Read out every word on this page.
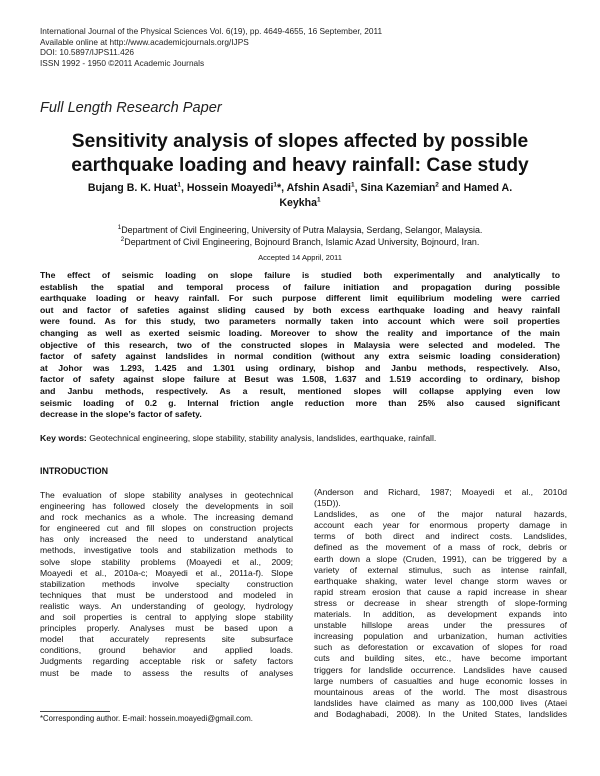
International Journal of the Physical Sciences Vol. 6(19), pp. 4649-4655, 16 September, 2011
Available online at http://www.academicjournals.org/IJPS
DOI: 10.5897/IJPS11.426
ISSN 1992 - 1950 ©2011 Academic Journals
Full Length Research Paper
Sensitivity analysis of slopes affected by possible
earthquake loading and heavy rainfall: Case study
Bujang B. K. Huat$^1$, Hossein Moayedi$^1$*, Afshin Asadi$^1$, Sina Kazemian$^2$ and Hamed A.
Keykha$^1$
$^1$Department of Civil Engineering, University of Putra Malaysia, Serdang, Selangor, Malaysia.
$^2$Department of Civil Engineering, Bojnourd Branch, Islamic Azad University, Bojnourd, Iran.
Accepted 14 Appril, 2011
The effect of seismic loading on slope failure is studied both experimentally and analytically to
establish the spatial and temporal process of failure initiation and propagation during possible
earthquake loading or heavy rainfall. For such purpose different limit equilibrium modeling were carried
out and factor of safeties against sliding caused by both excess earthquake loading and heavy rainfall
were found. As for this study, two parameters normally taken into account which were soil properties
changing as well as exerted seismic loading. Moreover to show the reality and importance of the main
objective of this research, two of the constructed slopes in Malaysia were selected and modeled. The
factor of safety against landslides in normal condition (without any extra seismic loading consideration)
at Johor was 1.293, 1.425 and 1.301 using ordinary, bishop and Janbu methods, respectively. Also,
factor of safety against slope failure at Besut was 1.508, 1.637 and 1.519 according to ordinary, bishop
and Janbu methods, respectively. As a result, mentioned slopes will collapse applying even low
seismic loading of 0.2 g. Internal friction angle reduction more than 25% also caused significant
decrease in the slope’s factor of safety.
Key words: Geotechnical engineering, slope stability, stability analysis, landslides, earthquake, rainfall.
INTRODUCTION
The evaluation of slope stability analyses in geotechnical
engineering has followed closely the developments in soil
and rock mechanics as a whole. The increasing demand
for engineered cut and fill slopes on construction projects
has only increased the need to understand analytical
methods, investigative tools and stabilization methods to
solve slope stability problems (Moayedi et al., 2009;
Moayedi et al., 2010a-c; Moayedi et al., 2011a-f). Slope
stabilization methods involve specialty construction
techniques that must be understood and modeled in
realistic ways. An understanding of geology, hydrology
and soil properties is central to applying slope stability
principles properly. Analyses must be based upon a
model that accurately represents site subsurface
conditions, ground behavior and applied loads.
Judgments regarding acceptable risk or safety factors
must be made to assess the results of analyses
(Anderson and Richard, 1987; Moayedi et al., 2010d
(15D)).
Landslides, as one of the major natural hazards,
account each year for enormous property damage in
terms of both direct and indirect costs. Landslides,
defined as the movement of a mass of rock, debris or
earth down a slope (Cruden, 1991), can be triggered by a
variety of external stimulus, such as intense rainfall,
earthquake shaking, water level change storm waves or
rapid stream erosion that cause a rapid increase in shear
stress or decrease in shear strength of slope-forming
materials. In addition, as development expands into
unstable hillslope areas under the pressures of
increasing population and urbanization, human activities
such as deforestation or excavation of slopes for road
cuts and building sites, etc., have become important
triggers for landslide occurrence. Landslides have caused
large numbers of casualties and huge economic losses in
mountainous areas of the world. The most disastrous
landslides have claimed as many as 100,000 lives (Ataei
and Bodaghabadi, 2008). In the United States, landslides
*Corresponding author. E-mail: hossein.moayedi@gmail.com.
